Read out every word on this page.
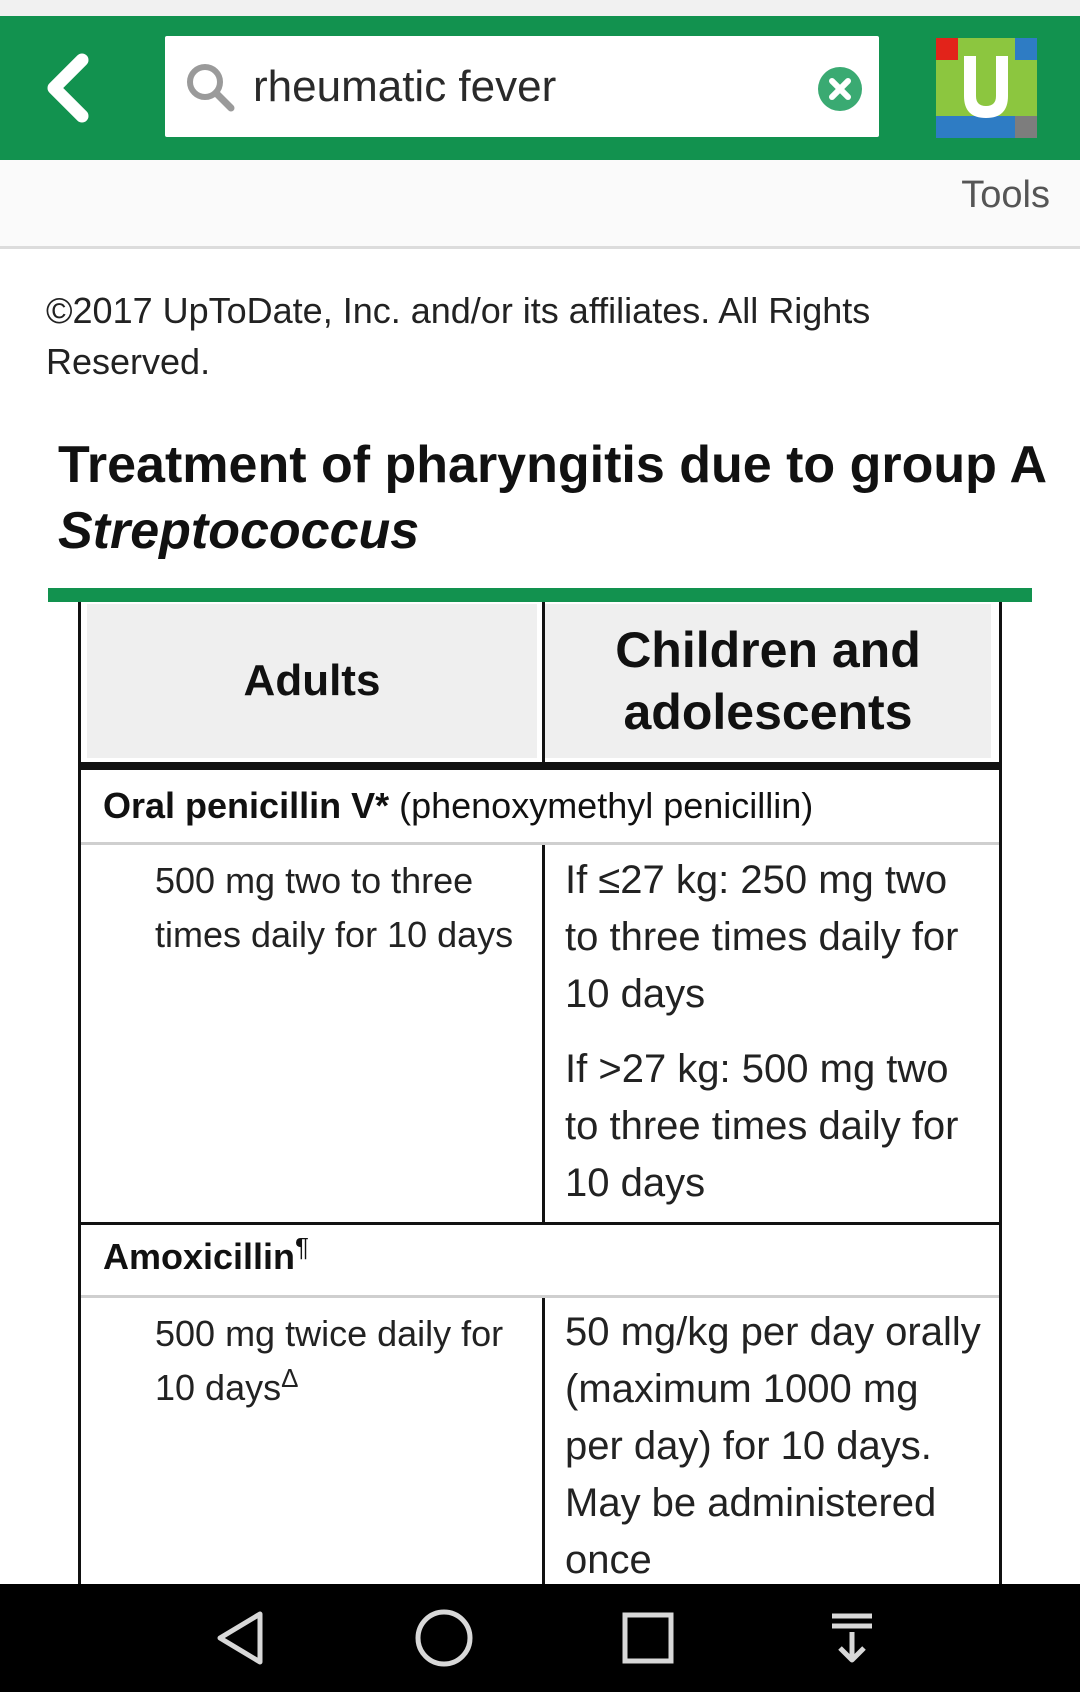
rheumatic fever
Tools
©2017 UpToDate, Inc. and/or its affiliates. All Rights Reserved.
Treatment of pharyngitis due to group A Streptococcus
Adults
Children and adolescents
Oral penicillin V* (phenoxymethyl penicillin)
500 mg two to three times daily for 10 days

If ≤27 kg: 250 mg two to three times daily for 10 days

If >27 kg: 500 mg two to three times daily for 10 days

Amoxicillin¶
500 mg twice daily for 10 days$^\Delta$

50 mg/kg per day orally (maximum 1000 mg per day) for 10 days. May be administered once
